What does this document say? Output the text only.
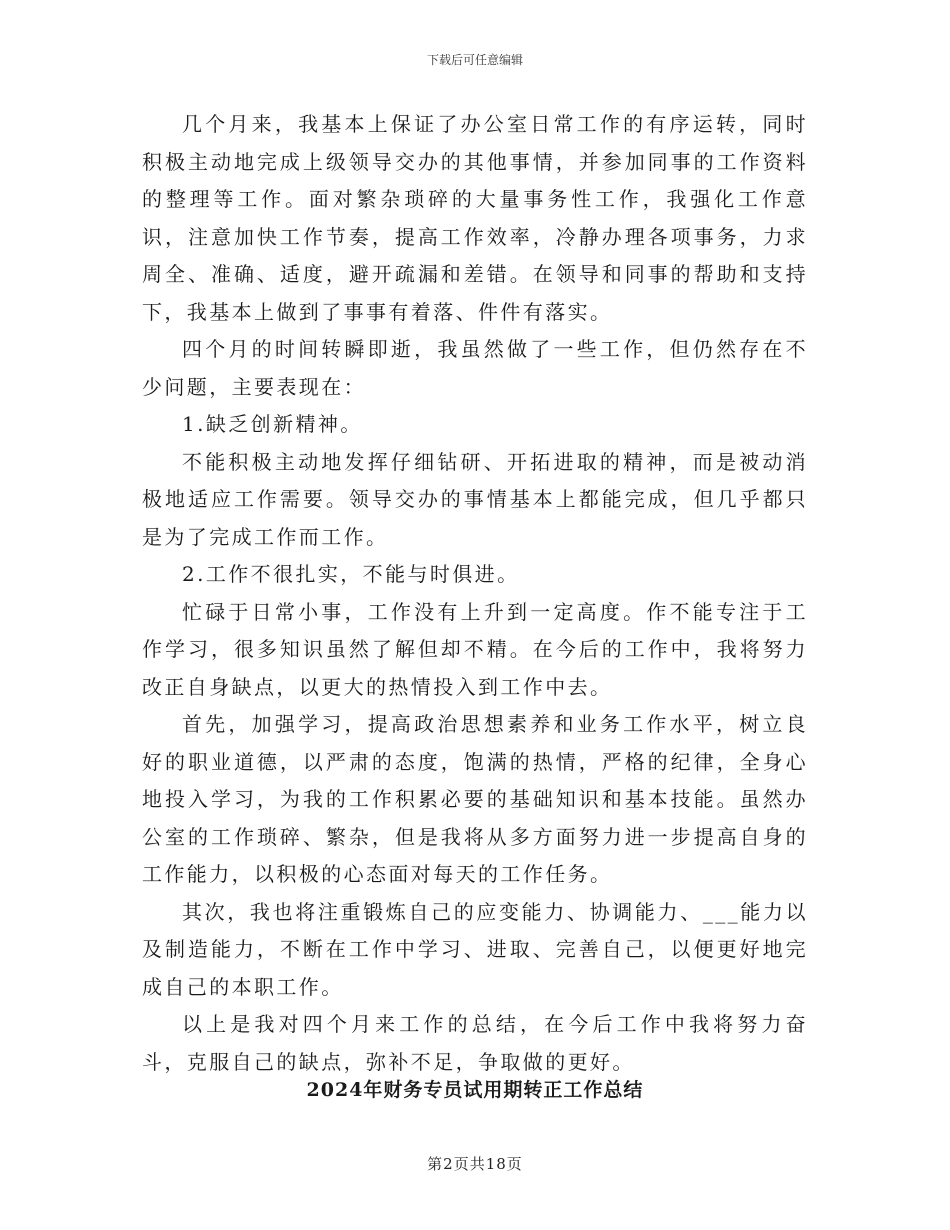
下载后可任意编辑

几个月来，我基本上保证了办公室日常工作的有序运转，同时积极主动地完成上级领导交办的其他事情，并参加同事的工作资料的整理等工作。面对繁杂琐碎的大量事务性工作，我强化工作意识，注意加快工作节奏，提高工作效率，冷静办理各项事务，力求周全、准确、适度，避开疏漏和差错。在领导和同事的帮助和支持下，我基本上做到了事事有着落、件件有落实。

四个月的时间转瞬即逝，我虽然做了一些工作，但仍然存在不少问题，主要表现在：

1.缺乏创新精神。

不能积极主动地发挥仔细钻研、开拓进取的精神，而是被动消极地适应工作需要。领导交办的事情基本上都能完成，但几乎都只是为了完成工作而工作。

2.工作不很扎实，不能与时俱进。

忙碌于日常小事，工作没有上升到一定高度。作不能专注于工作学习，很多知识虽然了解但却不精。在今后的工作中，我将努力改正自身缺点，以更大的热情投入到工作中去。

首先，加强学习，提高政治思想素养和业务工作水平，树立良好的职业道德，以严肃的态度，饱满的热情，严格的纪律，全身心地投入学习，为我的工作积累必要的基础知识和基本技能。虽然办公室的工作琐碎、繁杂，但是我将从多方面努力进一步提高自身的工作能力，以积极的心态面对每天的工作任务。

其次，我也将注重锻炼自己的应变能力、协调能力、___能力以及制造能力，不断在工作中学习、进取、完善自己，以便更好地完成自己的本职工作。

以上是我对四个月来工作的总结，在今后工作中我将努力奋斗，克服自己的缺点，弥补不足，争取做的更好。

2024年财务专员试用期转正工作总结
第2页共18页
